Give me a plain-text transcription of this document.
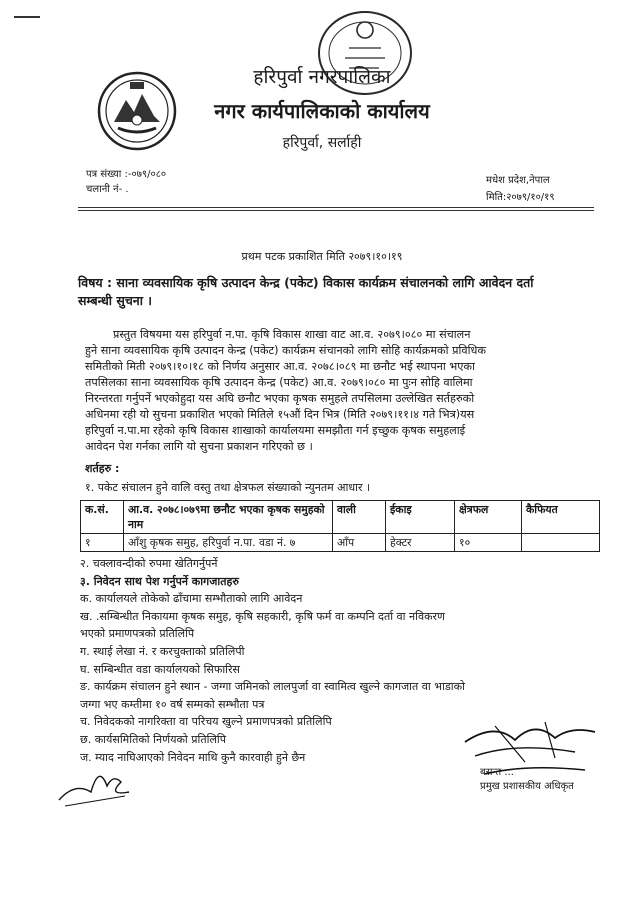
हरिपुर्वा नगरपालिका
नगर कार्यपालिकाको कार्यालय
हरिपुर्वा, सर्लाही
पत्र संख्या :-०७९/०८०
चलानी नं- .
मधेश प्रदेश,नेपाल
मिति:२०७९/१०/१९
प्रथम पटक प्रकाशित मिति २०७९।१०।१९
विषय : साना व्यवसायिक कृषि उत्पादन केन्द्र (पकेट) विकास कार्यक्रम संचालनको लागि आवेदन दर्ता
सम्बन्धी सुचना ।
प्रस्तुत विषयमा यस हरिपुर्वा न.पा. कृषि विकास शाखा वाट आ.व. २०७९।०८० मा संचालन
हुने साना व्यवसायिक कृषि उत्पादन केन्द्र (पकेट) कार्यक्रम संचानको लागि सोहि कार्यक्रमको प्रविधिक
समितीको मिती २०७९।१०।१८ को निर्णय अनुसार आ.व. २०७८।०८९ मा छनौट भई स्थापना भएका
तपसिलका साना व्यवसायिक कृषि उत्पादन केन्द्र (पकेट) आ.व. २०७९।०८० मा पुःन सोहि वालिमा
निरन्तरता गर्नुपर्ने भएकोहुदा यस अघि छनौट भएका कृषक समुहले तपसिलमा उल्लेखित सर्तहरुको
अधिनमा रही यो सुचना प्रकाशित भएको मितिले १५औं दिन भित्र (मिति २०७९।११।४ गते भित्र)यस
हरिपुर्वा न.पा.मा रहेको कृषि विकास शाखाको कार्यालयमा समझौता गर्न इच्छुक कृषक समुहलाई
आवेदन पेश गर्नका लागि यो सुचना प्रकाशन गरिएको छ ।
शर्तहरु :
१. पकेट संचालन हुने वालि वस्तु तथा क्षेत्रफल संख्याको न्युनतम आधार ।
क.सं.	आ.व. २०७८।०७९मा छनौट भएका कृषक समुहको नाम	वाली	ईकाइ	क्षेत्रफल	कैफियत
१	आँशु कृषक समुह, हरिपुर्वा न.पा. वडा नं. ७	आँप	हेक्टर	१०	
२. चक्लावन्दीको रुपमा खेतिगर्नुपर्ने
३. निवेदन साथ पेश गर्नुपर्ने कागजातहरु
क. कार्यालयले तोकेको ढाँचामा सम्भौताको लागि आवेदन
ख. .सम्बिन्धीत निकायमा कृषक समुह, कृषि सहकारी, कृषि फर्म वा कम्पनि दर्ता वा नविकरण
भएको प्रमाणपत्रको प्रतिलिपि
ग. स्थाई लेखा नं. र करचुक्ताको प्रतिलिपी
घ. सम्बिन्धीत वडा कार्यालयको सिफारिस
ङ. कार्यक्रम संचालन हुने स्थान - जग्गा जमिनको लालपुर्जा वा स्वामित्व खुल्ने कागजात वा भाडाको
जग्गा भए कम्तीमा १० वर्ष सम्मको सम्भौता पत्र
च. निवेदकको नागरिक्ता वा परिचय खुल्ने प्रमाणपत्रको प्रतिलिपि
छ. कार्यसमितिको निर्णयको प्रतिलिपि
ज. म्याद नाघिआएको निवेदन माथि कुनै कारवाही हुने छैन
बसन्त ...
प्रमुख प्रशासकीय अधिकृत
